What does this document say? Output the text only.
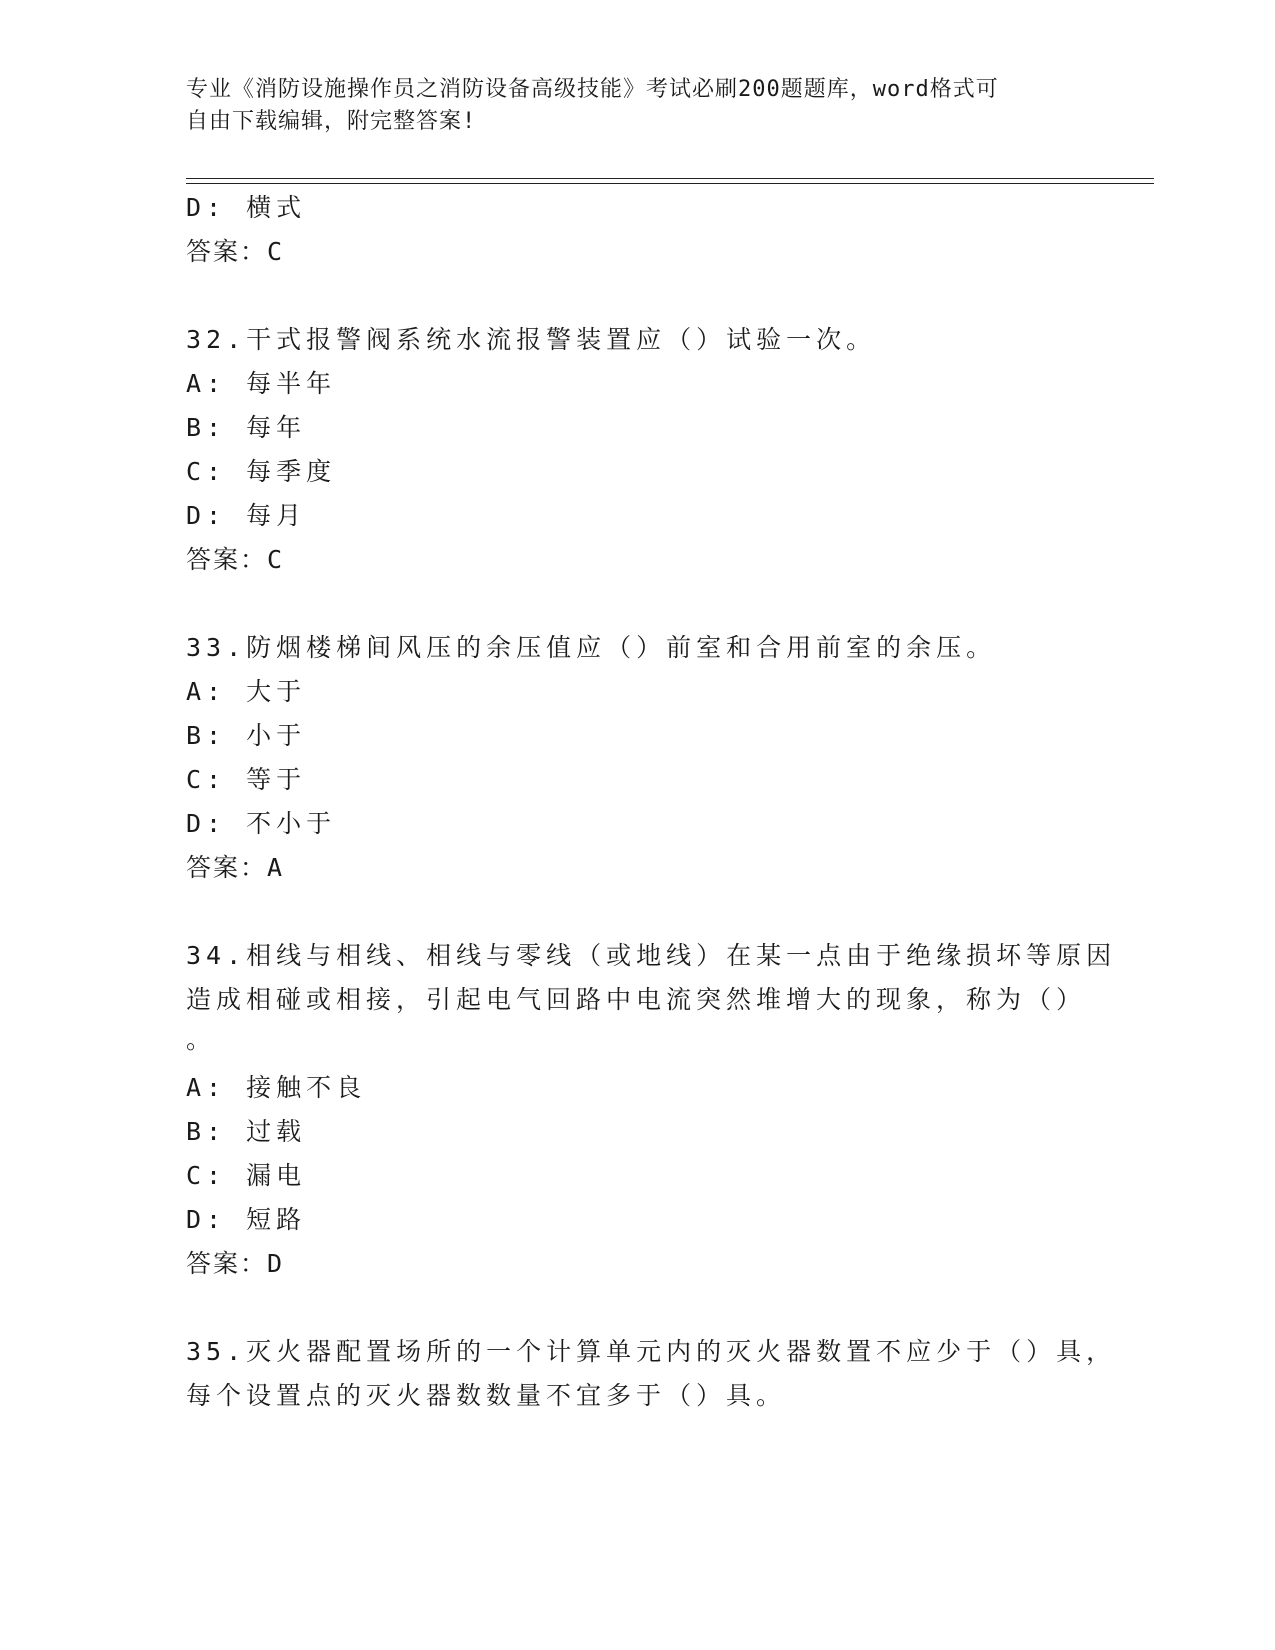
专业《消防设施操作员之消防设备高级技能》考试必刷200题题库，word格式可
自由下载编辑，附完整答案!
D: 横式
答案：C
32.干式报警阀系统水流报警装置应（）试验一次。
A: 每半年
B: 每年
C: 每季度
D: 每月
答案：C
33.防烟楼梯间风压的余压值应（）前室和合用前室的余压。
A: 大于
B: 小于
C: 等于
D: 不小于
答案：A
34.相线与相线、相线与零线（或地线）在某一点由于绝缘损坏等原因
造成相碰或相接，引起电气回路中电流突然堆增大的现象，称为（）
。
A: 接触不良
B: 过载
C: 漏电
D: 短路
答案：D
35.灭火器配置场所的一个计算单元内的灭火器数置不应少于（）具，
每个设置点的灭火器数数量不宜多于（）具。
